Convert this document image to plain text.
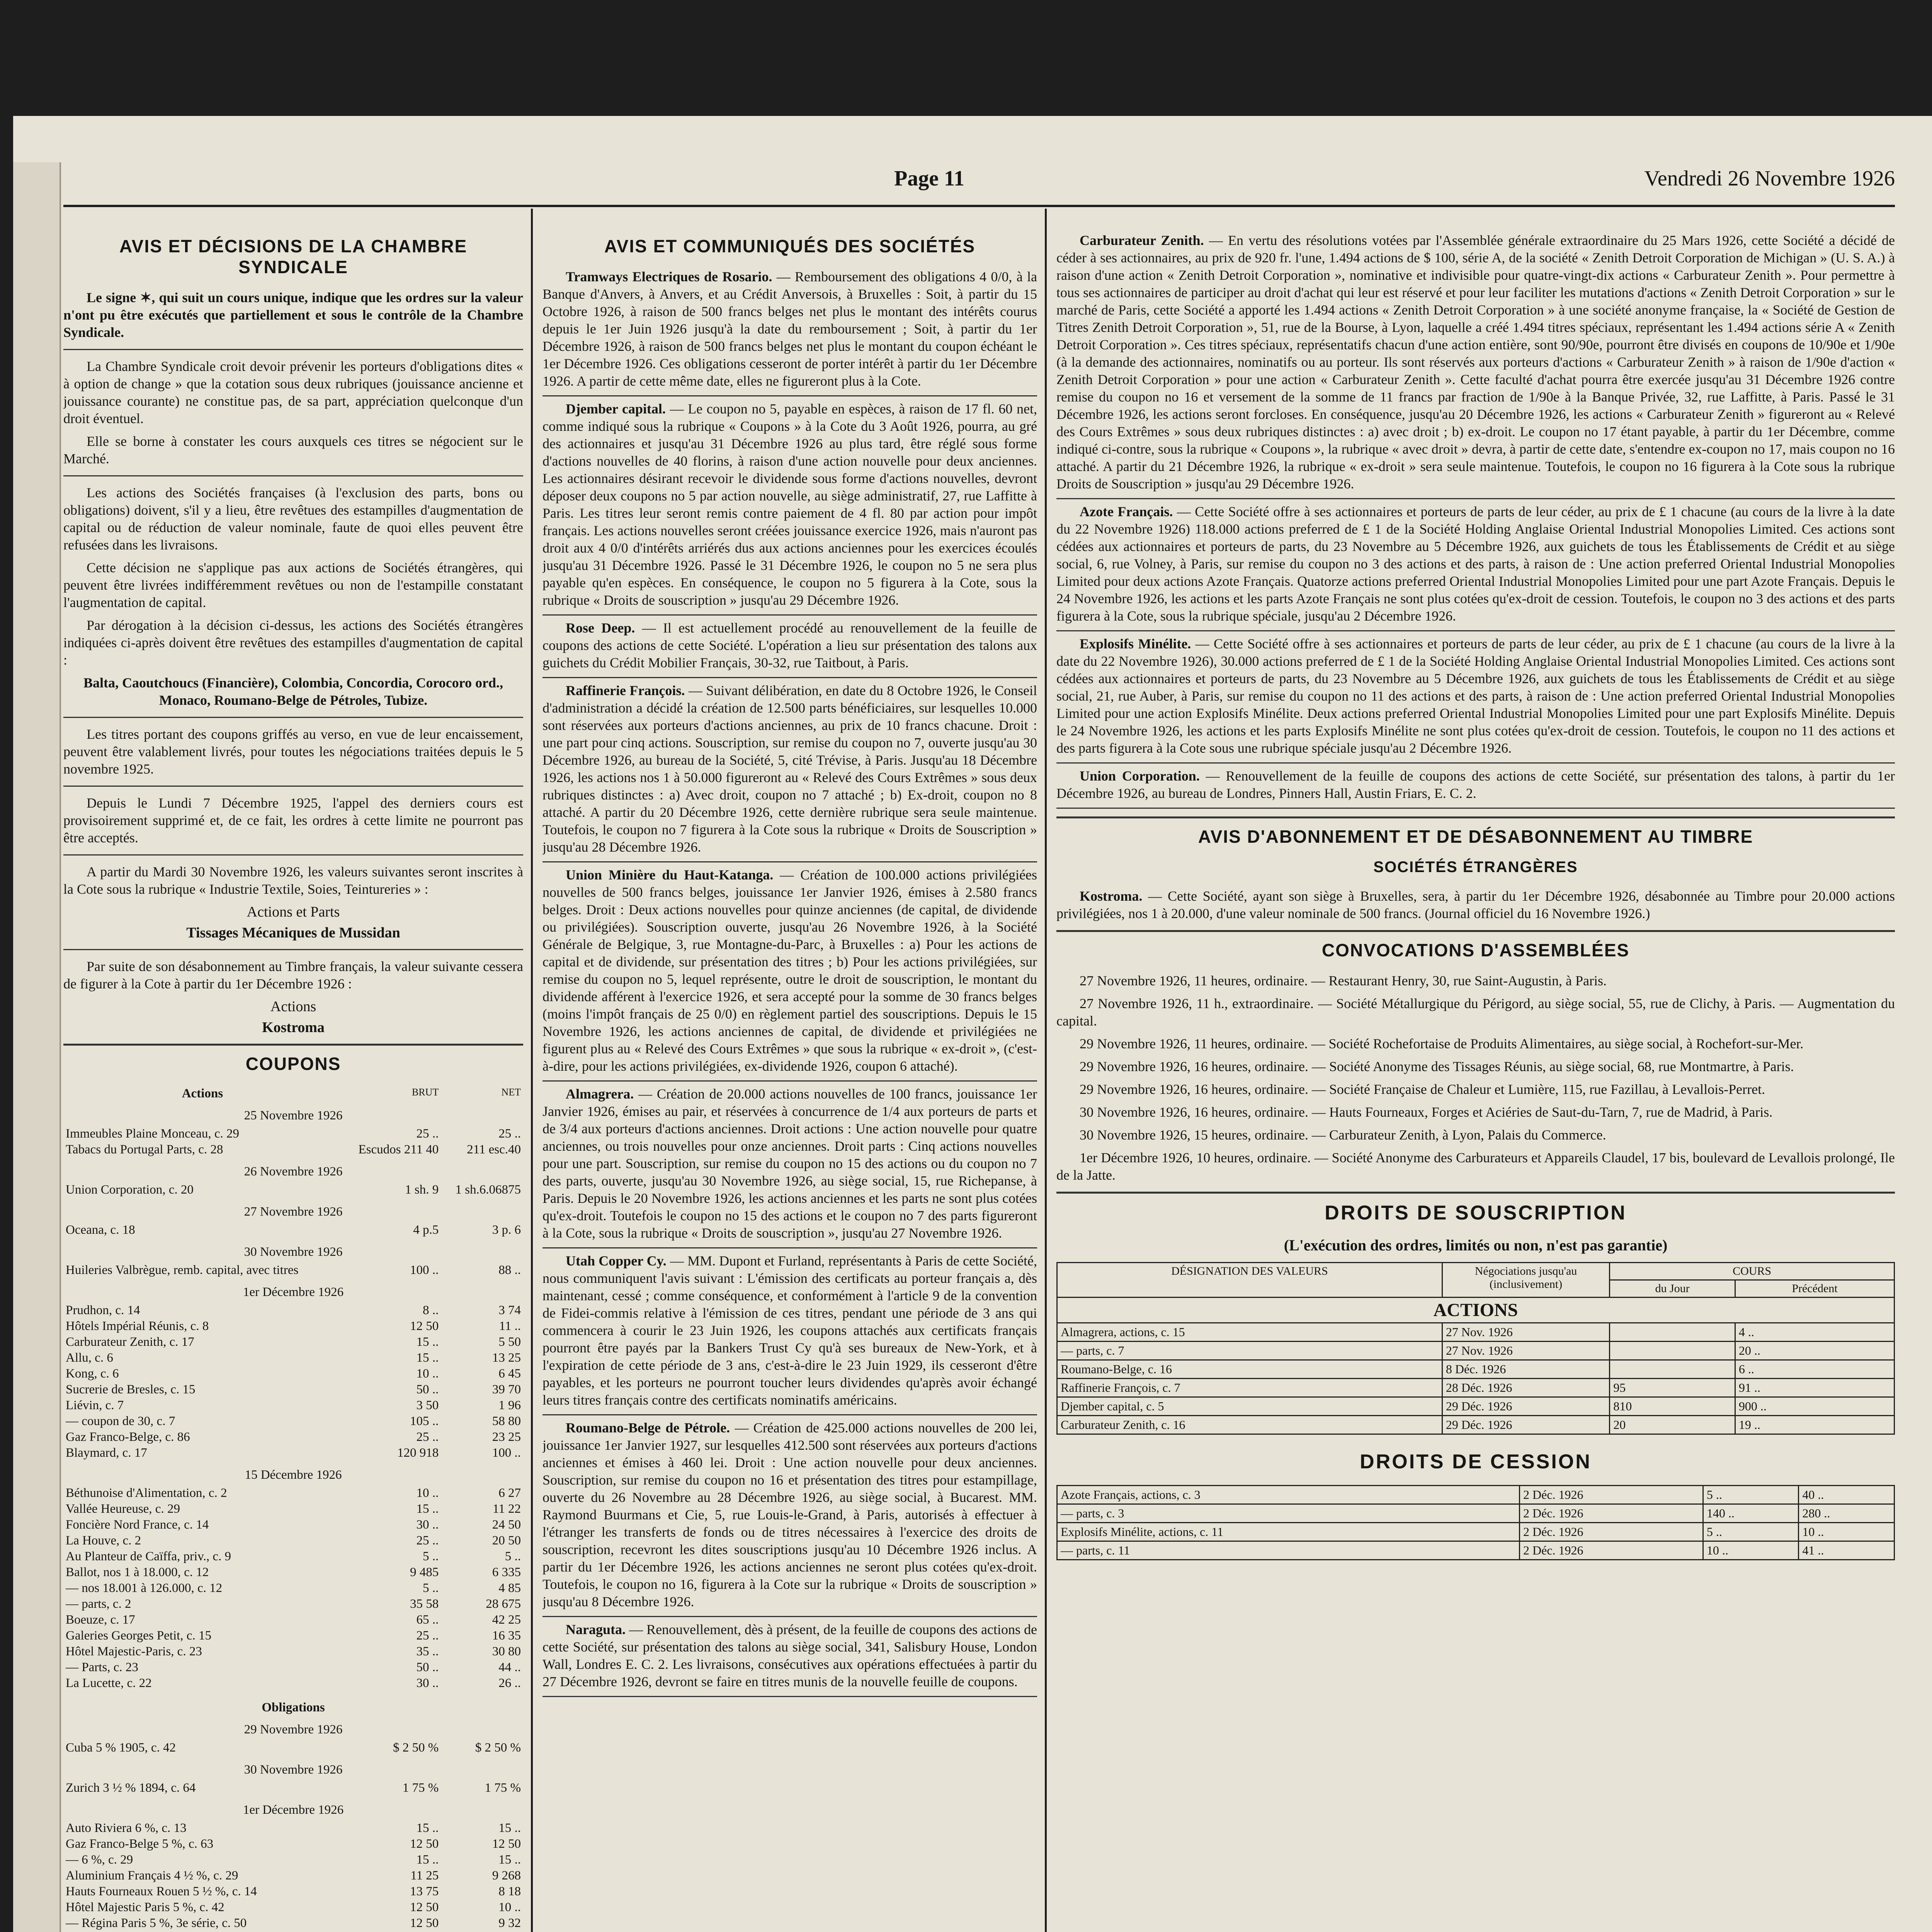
Page 11	Vendredi 26 Novembre 1926
AVIS ET DÉCISIONS DE LA CHAMBRE SYNDICALE

Le signe ✶, qui suit un cours unique, indique que les ordres sur la valeur n'ont pu être exécutés que partiellement et sous le contrôle de la Chambre Syndicale.

La Chambre Syndicale croit devoir prévenir les porteurs d'obligations dites « à option de change » que la cotation sous deux rubriques (jouissance ancienne et jouissance courante) ne constitue pas, de sa part, appréciation quelconque d'un droit éventuel.

Elle se borne à constater les cours auxquels ces titres se négocient sur le Marché.

Les actions des Sociétés françaises (à l'exclusion des parts, bons ou obligations) doivent, s'il y a lieu, être revêtues des estampilles d'augmentation de capital ou de réduction de valeur nominale, faute de quoi elles peuvent être refusées dans les livraisons.

Cette décision ne s'applique pas aux actions de Sociétés étrangères, qui peuvent être livrées indifféremment revêtues ou non de l'estampille constatant l'augmentation de capital.

Par dérogation à la décision ci-dessus, les actions des Sociétés étrangères indiquées ci-après doivent être revêtues des estampilles d'augmentation de capital :

Balta, Caoutchoucs (Financière), Colombia, Concordia, Corocoro ord., Monaco, Roumano-Belge de Pétroles, Tubize.

Les titres portant des coupons griffés au verso, en vue de leur encaissement, peuvent être valablement livrés, pour toutes les négociations traitées depuis le 5 novembre 1925.

Depuis le Lundi 7 Décembre 1925, l'appel des derniers cours est provisoirement supprimé et, de ce fait, les ordres à cette limite ne pourront pas être acceptés.

A partir du Mardi 30 Novembre 1926, les valeurs suivantes seront inscrites à la Cote sous la rubrique « Industrie Textile, Soies, Teintureries » :

Actions et Parts
Tissages Mécaniques de Mussidan

Par suite de son désabonnement au Timbre français, la valeur suivante cessera de figurer à la Cote à partir du 1er Décembre 1926 :

Actions
Kostroma
COUPONS
Actions	BRUT	NET
25 Novembre 1926		
Immeubles Plaine Monceau, c. 29	25 ..	25 ..
Tabacs du Portugal Parts, c. 28	Escudos 211 40	211 esc.40
26 Novembre 1926		
Union Corporation, c. 20	1 sh. 9	1 sh.6.06875
27 Novembre 1926		
Oceana, c. 18	4 p.5	3 p. 6
30 Novembre 1926		
Huileries Valbrègue, remb. capital, avec titres	100 ..	88 ..
1er Décembre 1926		
Prudhon, c. 14	8 ..	3 74
Hôtels Impérial Réunis, c. 8	12 50	11 ..
Carburateur Zenith, c. 17	15 ..	5 50
Allu, c. 6	15 ..	13 25
Kong, c. 6	10 ..	6 45
Sucrerie de Bresles, c. 15	50 ..	39 70
Liévin, c. 7	3 50	1 96
— coupon de 30, c. 7	105 ..	58 80
Gaz Franco-Belge, c. 86	25 ..	23 25
Blaymard, c. 17	120 918	100 ..
15 Décembre 1926		
Béthunoise d'Alimentation, c. 2	10 ..	6 27
Vallée Heureuse, c. 29	15 ..	11 22
Foncière Nord France, c. 14	30 ..	24 50
La Houve, c. 2	25 ..	20 50
Au Planteur de Caïffa, priv., c. 9	5 ..	5 ..
Ballot, nos 1 à 18.000, c. 12	9 485	6 335
— nos 18.001 à 126.000, c. 12	5 ..	4 85
— parts, c. 2	35 58	28 675
Boeuze, c. 17	65 ..	42 25
Galeries Georges Petit, c. 15	25 ..	16 35
Hôtel Majestic-Paris, c. 23	35 ..	30 80
— Parts, c. 23	50 ..	44 ..
La Lucette, c. 22	30 ..	26 ..
Obligations		
29 Novembre 1926		
Cuba 5 % 1905, c. 42	$ 2 50 %	$ 2 50 %
30 Novembre 1926		
Zurich 3 ½ % 1894, c. 64	1 75 %	1 75 %
1er Décembre 1926		
Auto Riviera 6 %, c. 13	15 ..	15 ..
Gaz Franco-Belge 5 %, c. 63	12 50	12 50
— 6 %, c. 29	15 ..	15 ..
Aluminium Français 4 ½ %, c. 29	11 25	9 268
Hauts Fourneaux Rouen 5 ½ %, c. 14	13 75	8 18
Hôtel Majestic Paris 5 %, c. 42	12 50	10 ..
— Régina Paris 5 %, 3e série, c. 50	12 50	9 32
AVIS ET COMMUNIQUÉS DES SOCIÉTÉS

Tramways Electriques de Rosario. — Remboursement des obligations 4 0/0, à la Banque d'Anvers, à Anvers, et au Crédit Anversois, à Bruxelles : Soit, à partir du 15 Octobre 1926, à raison de 500 francs belges net plus le montant des intérêts courus depuis le 1er Juin 1926 jusqu'à la date du remboursement ; Soit, à partir du 1er Décembre 1926, à raison de 500 francs belges net plus le montant du coupon échéant le 1er Décembre 1926. Ces obligations cesseront de porter intérêt à partir du 1er Décembre 1926. A partir de cette même date, elles ne figureront plus à la Cote.

Djember capital. — Le coupon no 5, payable en espèces, à raison de 17 fl. 60 net, comme indiqué sous la rubrique « Coupons » à la Cote du 3 Août 1926, pourra, au gré des actionnaires et jusqu'au 31 Décembre 1926 au plus tard, être réglé sous forme d'actions nouvelles de 40 florins, à raison d'une action nouvelle pour deux anciennes. Les actionnaires désirant recevoir le dividende sous forme d'actions nouvelles, devront déposer deux coupons no 5 par action nouvelle, au siège administratif, 27, rue Laffitte à Paris. Les titres leur seront remis contre paiement de 4 fl. 80 par action pour impôt français. Les actions nouvelles seront créées jouissance exercice 1926, mais n'auront pas droit aux 4 0/0 d'intérêts arriérés dus aux actions anciennes pour les exercices écoulés jusqu'au 31 Décembre 1926. Passé le 31 Décembre 1926, le coupon no 5 ne sera plus payable qu'en espèces. En conséquence, le coupon no 5 figurera à la Cote, sous la rubrique « Droits de souscription » jusqu'au 29 Décembre 1926.

Rose Deep. — Il est actuellement procédé au renouvellement de la feuille de coupons des actions de cette Société. L'opération a lieu sur présentation des talons aux guichets du Crédit Mobilier Français, 30-32, rue Taitbout, à Paris.

Raffinerie François. — Suivant délibération, en date du 8 Octobre 1926, le Conseil d'administration a décidé la création de 12.500 parts bénéficiaires, sur lesquelles 10.000 sont réservées aux porteurs d'actions anciennes, au prix de 10 francs chacune. Droit : une part pour cinq actions. Souscription, sur remise du coupon no 7, ouverte jusqu'au 30 Décembre 1926, au bureau de la Société, 5, cité Trévise, à Paris. Jusqu'au 18 Décembre 1926, les actions nos 1 à 50.000 figureront au « Relevé des Cours Extrêmes » sous deux rubriques distinctes : a) Avec droit, coupon no 7 attaché ; b) Ex-droit, coupon no 8 attaché. A partir du 20 Décembre 1926, cette dernière rubrique sera seule maintenue. Toutefois, le coupon no 7 figurera à la Cote sous la rubrique « Droits de Souscription » jusqu'au 28 Décembre 1926.

Union Minière du Haut-Katanga. — Création de 100.000 actions privilégiées nouvelles de 500 francs belges, jouissance 1er Janvier 1926, émises à 2.580 francs belges. Droit : Deux actions nouvelles pour quinze anciennes (de capital, de dividende ou privilégiées). Souscription ouverte, jusqu'au 26 Novembre 1926, à la Société Générale de Belgique, 3, rue Montagne-du-Parc, à Bruxelles : a) Pour les actions de capital et de dividende, sur présentation des titres ; b) Pour les actions privilégiées, sur remise du coupon no 5, lequel représente, outre le droit de souscription, le montant du dividende afférent à l'exercice 1926, et sera accepté pour la somme de 30 francs belges (moins l'impôt français de 25 0/0) en règlement partiel des souscriptions. Depuis le 15 Novembre 1926, les actions anciennes de capital, de dividende et privilégiées ne figurent plus au « Relevé des Cours Extrêmes » que sous la rubrique « ex-droit », (c'est-à-dire, pour les actions privilégiées, ex-dividende 1926, coupon 6 attaché).

Almagrera. — Création de 20.000 actions nouvelles de 100 francs, jouissance 1er Janvier 1926, émises au pair, et réservées à concurrence de 1/4 aux porteurs de parts et de 3/4 aux porteurs d'actions anciennes. Droit actions : Une action nouvelle pour quatre anciennes, ou trois nouvelles pour onze anciennes. Droit parts : Cinq actions nouvelles pour une part. Souscription, sur remise du coupon no 15 des actions ou du coupon no 7 des parts, ouverte, jusqu'au 30 Novembre 1926, au siège social, 15, rue Richepanse, à Paris. Depuis le 20 Novembre 1926, les actions anciennes et les parts ne sont plus cotées qu'ex-droit. Toutefois le coupon no 15 des actions et le coupon no 7 des parts figureront à la Cote, sous la rubrique « Droits de souscription », jusqu'au 27 Novembre 1926.

Utah Copper Cy. — MM. Dupont et Furland, représentants à Paris de cette Société, nous communiquent l'avis suivant : L'émission des certificats au porteur français a, dès maintenant, cessé ; comme conséquence, et conformément à l'article 9 de la convention de Fidei-commis relative à l'émission de ces titres, pendant une période de 3 ans qui commencera à courir le 23 Juin 1926, les coupons attachés aux certificats français pourront être payés par la Bankers Trust Cy qu'à ses bureaux de New-York, et à l'expiration de cette période de 3 ans, c'est-à-dire le 23 Juin 1929, ils cesseront d'être payables, et les porteurs ne pourront toucher leurs dividendes qu'après avoir échangé leurs titres français contre des certificats nominatifs américains.

Roumano-Belge de Pétrole. — Création de 425.000 actions nouvelles de 200 lei, jouissance 1er Janvier 1927, sur lesquelles 412.500 sont réservées aux porteurs d'actions anciennes et émises à 460 lei. Droit : Une action nouvelle pour deux anciennes. Souscription, sur remise du coupon no 16 et présentation des titres pour estampillage, ouverte du 26 Novembre au 28 Décembre 1926, au siège social, à Bucarest. MM. Raymond Buurmans et Cie, 5, rue Louis-le-Grand, à Paris, autorisés à effectuer à l'étranger les transferts de fonds ou de titres nécessaires à l'exercice des droits de souscription, recevront les dites souscriptions jusqu'au 10 Décembre 1926 inclus. A partir du 1er Décembre 1926, les actions anciennes ne seront plus cotées qu'ex-droit. Toutefois, le coupon no 16, figurera à la Cote sur la rubrique « Droits de souscription » jusqu'au 8 Décembre 1926.

Naraguta. — Renouvellement, dès à présent, de la feuille de coupons des actions de cette Société, sur présentation des talons au siège social, 341, Salisbury House, London Wall, Londres E. C. 2. Les livraisons, consécutives aux opérations effectuées à partir du 27 Décembre 1926, devront se faire en titres munis de la nouvelle feuille de coupons.

Carburateur Zenith. — En vertu des résolutions votées par l'Assemblée générale extraordinaire du 25 Mars 1926, cette Société a décidé de céder à ses actionnaires, au prix de 920 fr. l'une, 1.494 actions de $ 100, série A, de la société « Zenith Detroit Corporation de Michigan » (U. S. A.) à raison d'une action « Zenith Detroit Corporation », nominative et indivisible pour quatre-vingt-dix actions « Carburateur Zenith ». Pour permettre à tous ses actionnaires de participer au droit d'achat qui leur est réservé et pour leur faciliter les mutations d'actions « Zenith Detroit Corporation » sur le marché de Paris, cette Société a apporté les 1.494 actions « Zenith Detroit Corporation » à une société anonyme française, la « Société de Gestion de Titres Zenith Detroit Corporation », 51, rue de la Bourse, à Lyon, laquelle a créé 1.494 titres spéciaux, représentant les 1.494 actions série A « Zenith Detroit Corporation ». Ces titres spéciaux, représentatifs chacun d'une action entière, sont 90/90e, pourront être divisés en coupons de 10/90e et 1/90e (à la demande des actionnaires, nominatifs ou au porteur. Ils sont réservés aux porteurs d'actions « Carburateur Zenith » à raison de 1/90e d'action « Zenith Detroit Corporation » pour une action « Carburateur Zenith ». Cette faculté d'achat pourra être exercée jusqu'au 31 Décembre 1926 contre remise du coupon no 16 et versement de la somme de 11 francs par fraction de 1/90e à la Banque Privée, 32, rue Laffitte, à Paris. Passé le 31 Décembre 1926, les actions seront forcloses. En conséquence, jusqu'au 20 Décembre 1926, les actions « Carburateur Zenith » figureront au « Relevé des Cours Extrêmes » sous deux rubriques distinctes : a) avec droit ; b) ex-droit. Le coupon no 17 étant payable, à partir du 1er Décembre, comme indiqué ci-contre, sous la rubrique « Coupons », la rubrique « avec droit » devra, à partir de cette date, s'entendre ex-coupon no 17, mais coupon no 16 attaché. A partir du 21 Décembre 1926, la rubrique « ex-droit » sera seule maintenue. Toutefois, le coupon no 16 figurera à la Cote sous la rubrique Droits de Souscription » jusqu'au 29 Décembre 1926.

Azote Français. — Cette Société offre à ses actionnaires et porteurs de parts de leur céder, au prix de £ 1 chacune (au cours de la livre à la date du 22 Novembre 1926) 118.000 actions preferred de £ 1 de la Société Holding Anglaise Oriental Industrial Monopolies Limited. Ces actions sont cédées aux actionnaires et porteurs de parts, du 23 Novembre au 5 Décembre 1926, aux guichets de tous les Établissements de Crédit et au siège social, 6, rue Volney, à Paris, sur remise du coupon no 3 des actions et des parts, à raison de : Une action preferred Oriental Industrial Monopolies Limited pour deux actions Azote Français. Quatorze actions preferred Oriental Industrial Monopolies Limited pour une part Azote Français. Depuis le 24 Novembre 1926, les actions et les parts Azote Français ne sont plus cotées qu'ex-droit de cession. Toutefois, le coupon no 3 des actions et des parts figurera à la Cote, sous la rubrique spéciale, jusqu'au 2 Décembre 1926.

Explosifs Minélite. — Cette Société offre à ses actionnaires et porteurs de parts de leur céder, au prix de £ 1 chacune (au cours de la livre à la date du 22 Novembre 1926), 30.000 actions preferred de £ 1 de la Société Holding Anglaise Oriental Industrial Monopolies Limited. Ces actions sont cédées aux actionnaires et porteurs de parts, du 23 Novembre au 5 Décembre 1926, aux guichets de tous les Établissements de Crédit et au siège social, 21, rue Auber, à Paris, sur remise du coupon no 11 des actions et des parts, à raison de : Une action preferred Oriental Industrial Monopolies Limited pour une action Explosifs Minélite. Deux actions preferred Oriental Industrial Monopolies Limited pour une part Explosifs Minélite. Depuis le 24 Novembre 1926, les actions et les parts Explosifs Minélite ne sont plus cotées qu'ex-droit de cession. Toutefois, le coupon no 11 des actions et des parts figurera à la Cote sous une rubrique spéciale jusqu'au 2 Décembre 1926.

Union Corporation. — Renouvellement de la feuille de coupons des actions de cette Société, sur présentation des talons, à partir du 1er Décembre 1926, au bureau de Londres, Pinners Hall, Austin Friars, E. C. 2.

AVIS D'ABONNEMENT ET DE DÉSABONNEMENT AU TIMBRE
SOCIÉTÉS ÉTRANGÈRES

Kostroma. — Cette Société, ayant son siège à Bruxelles, sera, à partir du 1er Décembre 1926, désabonnée au Timbre pour 20.000 actions privilégiées, nos 1 à 20.000, d'une valeur nominale de 500 francs. (Journal officiel du 16 Novembre 1926.)

CONVOCATIONS D'ASSEMBLÉES

27 Novembre 1926, 11 heures, ordinaire. — Restaurant Henry, 30, rue Saint-Augustin, à Paris.

27 Novembre 1926, 11 h., extraordinaire. — Société Métallurgique du Périgord, au siège social, 55, rue de Clichy, à Paris. — Augmentation du capital.

29 Novembre 1926, 11 heures, ordinaire. — Société Rochefortaise de Produits Alimentaires, au siège social, à Rochefort-sur-Mer.

29 Novembre 1926, 16 heures, ordinaire. — Société Anonyme des Tissages Réunis, au siège social, 68, rue Montmartre, à Paris.

29 Novembre 1926, 16 heures, ordinaire. — Société Française de Chaleur et Lumière, 115, rue Fazillau, à Levallois-Perret.

30 Novembre 1926, 16 heures, ordinaire. — Hauts Fourneaux, Forges et Aciéries de Saut-du-Tarn, 7, rue de Madrid, à Paris.

30 Novembre 1926, 15 heures, ordinaire. — Carburateur Zenith, à Lyon, Palais du Commerce.

1er Décembre 1926, 10 heures, ordinaire. — Société Anonyme des Carburateurs et Appareils Claudel, 17 bis, boulevard de Levallois prolongé, Ile de la Jatte.

DROITS DE SOUSCRIPTION
(L'exécution des ordres, limités ou non, n'est pas garantie)
DÉSIGNATION DES VALEURS	Négociations jusqu'au (inclusivement)	COURS	
		du Jour	Précédent
ACTIONS			
Almagrera, actions, c. 15	27 Nov. 1926		4 ..
— parts, c. 7	27 Nov. 1926		20 ..
Roumano-Belge, c. 16	8 Déc. 1926		6 ..
Raffinerie François, c. 7	28 Déc. 1926	95	91 ..
Djember capital, c. 5	29 Déc. 1926	810	900 ..
Carburateur Zenith, c. 16	29 Déc. 1926	20	19 ..
DROITS DE CESSION
Azote Français, actions, c. 3	2 Déc. 1926	5 ..	40 ..
— parts, c. 3	2 Déc. 1926	140 ..	280 ..
Explosifs Minélite, actions, c. 11	2 Déc. 1926	5 ..	10 ..
— parts, c. 11	2 Déc. 1926	10 ..	41 ..
